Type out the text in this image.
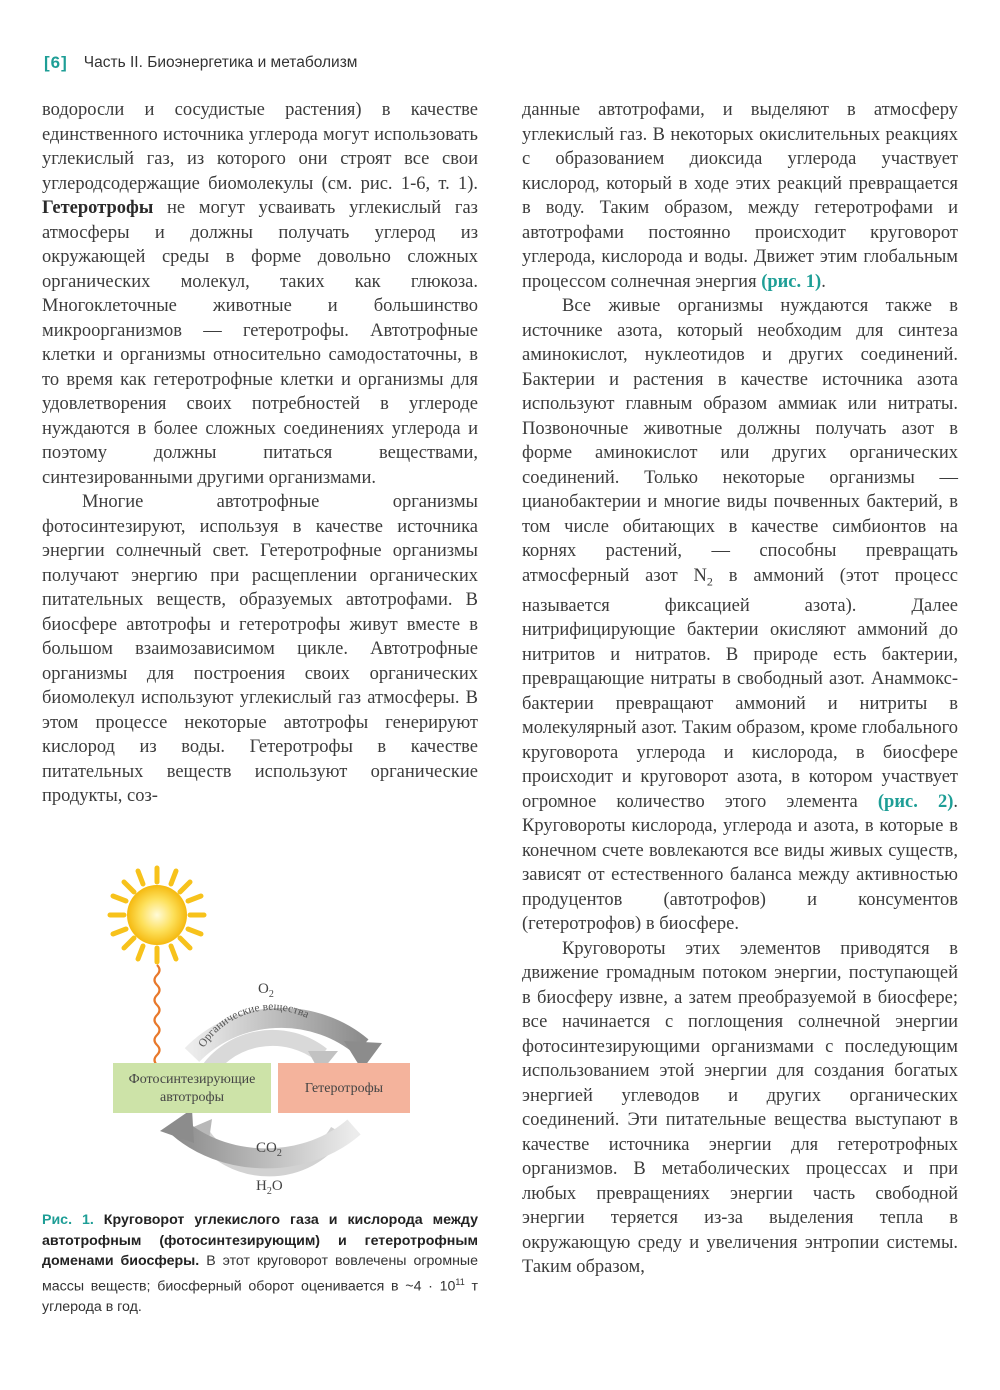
[6] Часть II. Биоэнергетика и метаболизм

водоросли и сосудистые растения) в качестве единственного источника углерода могут использовать углекислый газ, из которого они строят все свои углеродсодержащие биомолекулы (см. рис. 1-6, т. 1). Гетеротрофы не могут усваивать углекислый газ атмосферы и должны получать углерод из окружающей среды в форме довольно сложных органических молекул, таких как глюкоза. Многоклеточные животные и большинство микроорганизмов — гетеротрофы. Автотрофные клетки и организмы относительно самодостаточны, в то время как гетеротрофные клетки и организмы для удовлетворения своих потребностей в углероде нуждаются в более сложных соединениях углерода и поэтому должны питаться веществами, синтезированными другими организмами.

Многие автотрофные организмы фотосинтезируют, используя в качестве источника энергии солнечный свет. Гетеротрофные организмы получают энергию при расщеплении органических питательных веществ, образуемых автотрофами. В биосфере автотрофы и гетеротрофы живут вместе в большом взаимозависимом цикле. Автотрофные организмы для построения своих органических биомолекул используют углекислый газ атмосферы. В этом процессе некоторые автотрофы генерируют кислород из воды. Гетеротрофы в качестве питательных веществ используют органические продукты, соз-

данные автотрофами, и выделяют в атмосферу углекислый газ. В некоторых окислительных реакциях с образованием диоксида углерода участвует кислород, который в ходе этих реакций превращается в воду. Таким образом, между гетеротрофами и автотрофами постоянно происходит круговорот углерода, кислорода и воды. Движет этим глобальным процессом солнечная энергия (рис. 1).

Все живые организмы нуждаются также в источнике азота, который необходим для синтеза аминокислот, нуклеотидов и других соединений. Бактерии и растения в качестве источника азота используют главным образом аммиак или нитраты. Позвоночные животные должны получать азот в форме аминокислот или других органических соединений. Только некоторые организмы — цианобактерии и многие виды почвенных бактерий, в том числе обитающих в качестве симбионтов на корнях растений, — способны превращать атмосферный азот $N_2$ в аммоний (этот процесс называется фиксацией азота). Далее нитрифицирующие бактерии окисляют аммоний до нитритов и нитратов. В природе есть бактерии, превращающие нитраты в свободный азот. Анаммокс-бактерии превращают аммоний и нитриты в молекулярный азот. Таким образом, кроме глобального круговорота углерода и кислорода, в биосфере происходит и круговорот азота, в котором участвует огромное количество этого элемента (рис. 2). Круговороты кислорода, углерода и азота, в которые в конечном счете вовлекаются все виды живых существ, зависят от естественного баланса между активностью продуцентов (автотрофов) и консументов (гетеротрофов) в биосфере.

Круговороты этих элементов приводятся в движение громадным потоком энергии, поступающей в биосферу извне, а затем преобразуемой в биосфере; все начинается с поглощения солнечной энергии фотосинтезирующими организмами с последующим использованием этой энергии для создания богатых энергией углеводов и других органических соединений. Эти питательные вещества выступают в качестве источника энергии для гетеротрофных организмов. В метаболических процессах и при любых превращениях энергии часть свободной энергии теряется из-за выделения тепла в окружающую среду и увеличения энтропии системы. Таким образом,

$O_2$
Органические вещества
Фотосинтезирующие
автотрофы
Гетеротрофы
$CO_2$
$H_2O$
Рис. 1. Круговорот углекислого газа и кислорода между автотрофным (фотосинтезирующим) и гетеротрофным доменами биосферы. В этот круговорот вовлечены огромные массы веществ; биосферный оборот оценивается в ~4 · $10^{11}$ т углерода в год.
